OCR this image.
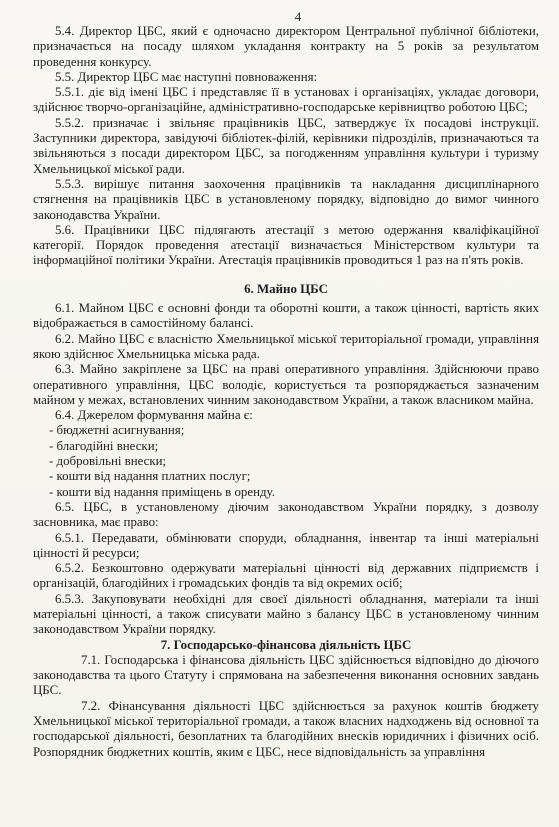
4

5.4. Директор ЦБС, який є одночасно директором Центральної публічної бібліотеки, призначається на посаду шляхом укладання контракту на 5 років за результатом проведення конкурсу.

5.5. Директор ЦБС має наступні повноваження:

5.5.1. діє від імені ЦБС і представляє її в установах і організаціях, укладає договори, здійснює творчо-організаційне, адміністративно-господарське керівництво роботою ЦБС;

5.5.2. призначає і звільняє працівників ЦБС, затверджує їх посадові інструкції. Заступники директора, завідуючі бібліотек-філій, керівники підрозділів, призначаються та звільняються з посади директором ЦБС, за погодженням управління культури і туризму Хмельницької міської ради.

5.5.3. вирішує питання заохочення працівників та накладання дисциплінарного стягнення на працівників ЦБС в установленому порядку, відповідно до вимог чинного законодавства України.

5.6. Працівники ЦБС підлягають атестації з метою одержання кваліфікаційної категорії. Порядок проведення атестації визначається Міністерством культури та інформаційної політики України. Атестація працівників проводиться 1 раз на п'ять років.

6. Майно ЦБС

6.1. Майном ЦБС є основні фонди та оборотні кошти, а також цінності, вартість яких відображається в самостійному балансі.

6.2. Майно ЦБС є власністю Хмельницької міської територіальної громади, управління якою здійснює Хмельницька міська рада.

6.3. Майно закріплене за ЦБС на праві оперативного управління. Здійснюючи право оперативного управління, ЦБС володіє, користується та розпоряджається зазначеним майном у межах, встановлених чинним законодавством України, а також власником майна.

6.4. Джерелом формування майна є:

- бюджетні асигнування;

- благодійні внески;

- добровільні внески;

- кошти від надання платних послуг;

- кошти від надання приміщень в оренду.

6.5. ЦБС, в установленому діючим законодавством України порядку, з дозволу засновника, має право:

6.5.1. Передавати, обмінювати споруди, обладнання, інвентар та інші матеріальні цінності й ресурси;

6.5.2. Безкоштовно одержувати матеріальні цінності від державних підприємств і організацій, благодійних і громадських фондів та від окремих осіб;

6.5.3. Закуповувати необхідні для своєї діяльності обладнання, матеріали та інші матеріальні цінності, а також списувати майно з балансу ЦБС в установленому чинним законодавством України порядку.

7. Господарсько-фінансова діяльність ЦБС

7.1. Господарська і фінансова діяльність ЦБС здійснюється відповідно до діючого законодавства та цього Статуту і спрямована на забезпечення виконання основних завдань ЦБС.

7.2. Фінансування діяльності ЦБС здійснюється за рахунок коштів бюджету Хмельницької міської територіальної громади, а також власних надходжень від основної та господарської діяльності, безоплатних та благодійних внесків юридичних і фізичних осіб. Розпорядник бюджетних коштів, яким є ЦБС, несе відповідальність за управління
